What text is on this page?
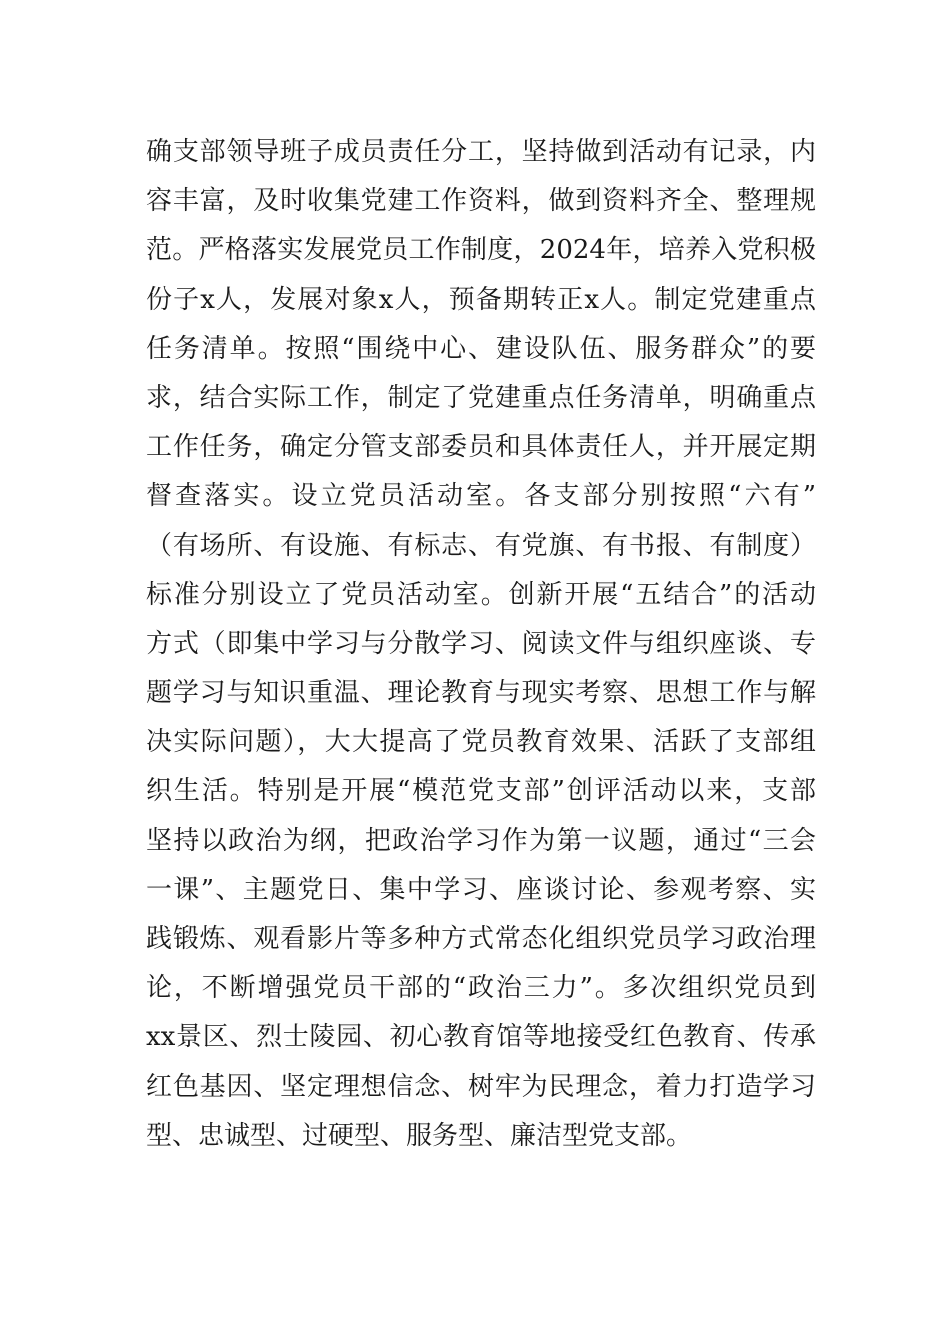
确支部领导班子成员责任分工，坚持做到活动有记录，内
容丰富，及时收集党建工作资料，做到资料齐全、整理规
范。严格落实发展党员工作制度，2024年，培养入党积极
份子x人，发展对象x人，预备期转正x人。制定党建重点
任务清单。按照“围绕中心、建设队伍、服务群众”的要
求，结合实际工作，制定了党建重点任务清单，明确重点
工作任务，确定分管支部委员和具体责任人，并开展定期
督查落实。设立党员活动室。各支部分别按照“六有”
（有场所、有设施、有标志、有党旗、有书报、有制度）
标准分别设立了党员活动室。创新开展“五结合”的活动
方式（即集中学习与分散学习、阅读文件与组织座谈、专
题学习与知识重温、理论教育与现实考察、思想工作与解
决实际问题），大大提高了党员教育效果、活跃了支部组
织生活。特别是开展“模范党支部”创评活动以来，支部
坚持以政治为纲，把政治学习作为第一议题，通过“三会
一课”、主题党日、集中学习、座谈讨论、参观考察、实
践锻炼、观看影片等多种方式常态化组织党员学习政治理
论，不断增强党员干部的“政治三力”。多次组织党员到
xx景区、烈士陵园、初心教育馆等地接受红色教育、传承
红色基因、坚定理想信念、树牢为民理念，着力打造学习
型、忠诚型、过硬型、服务型、廉洁型党支部。
